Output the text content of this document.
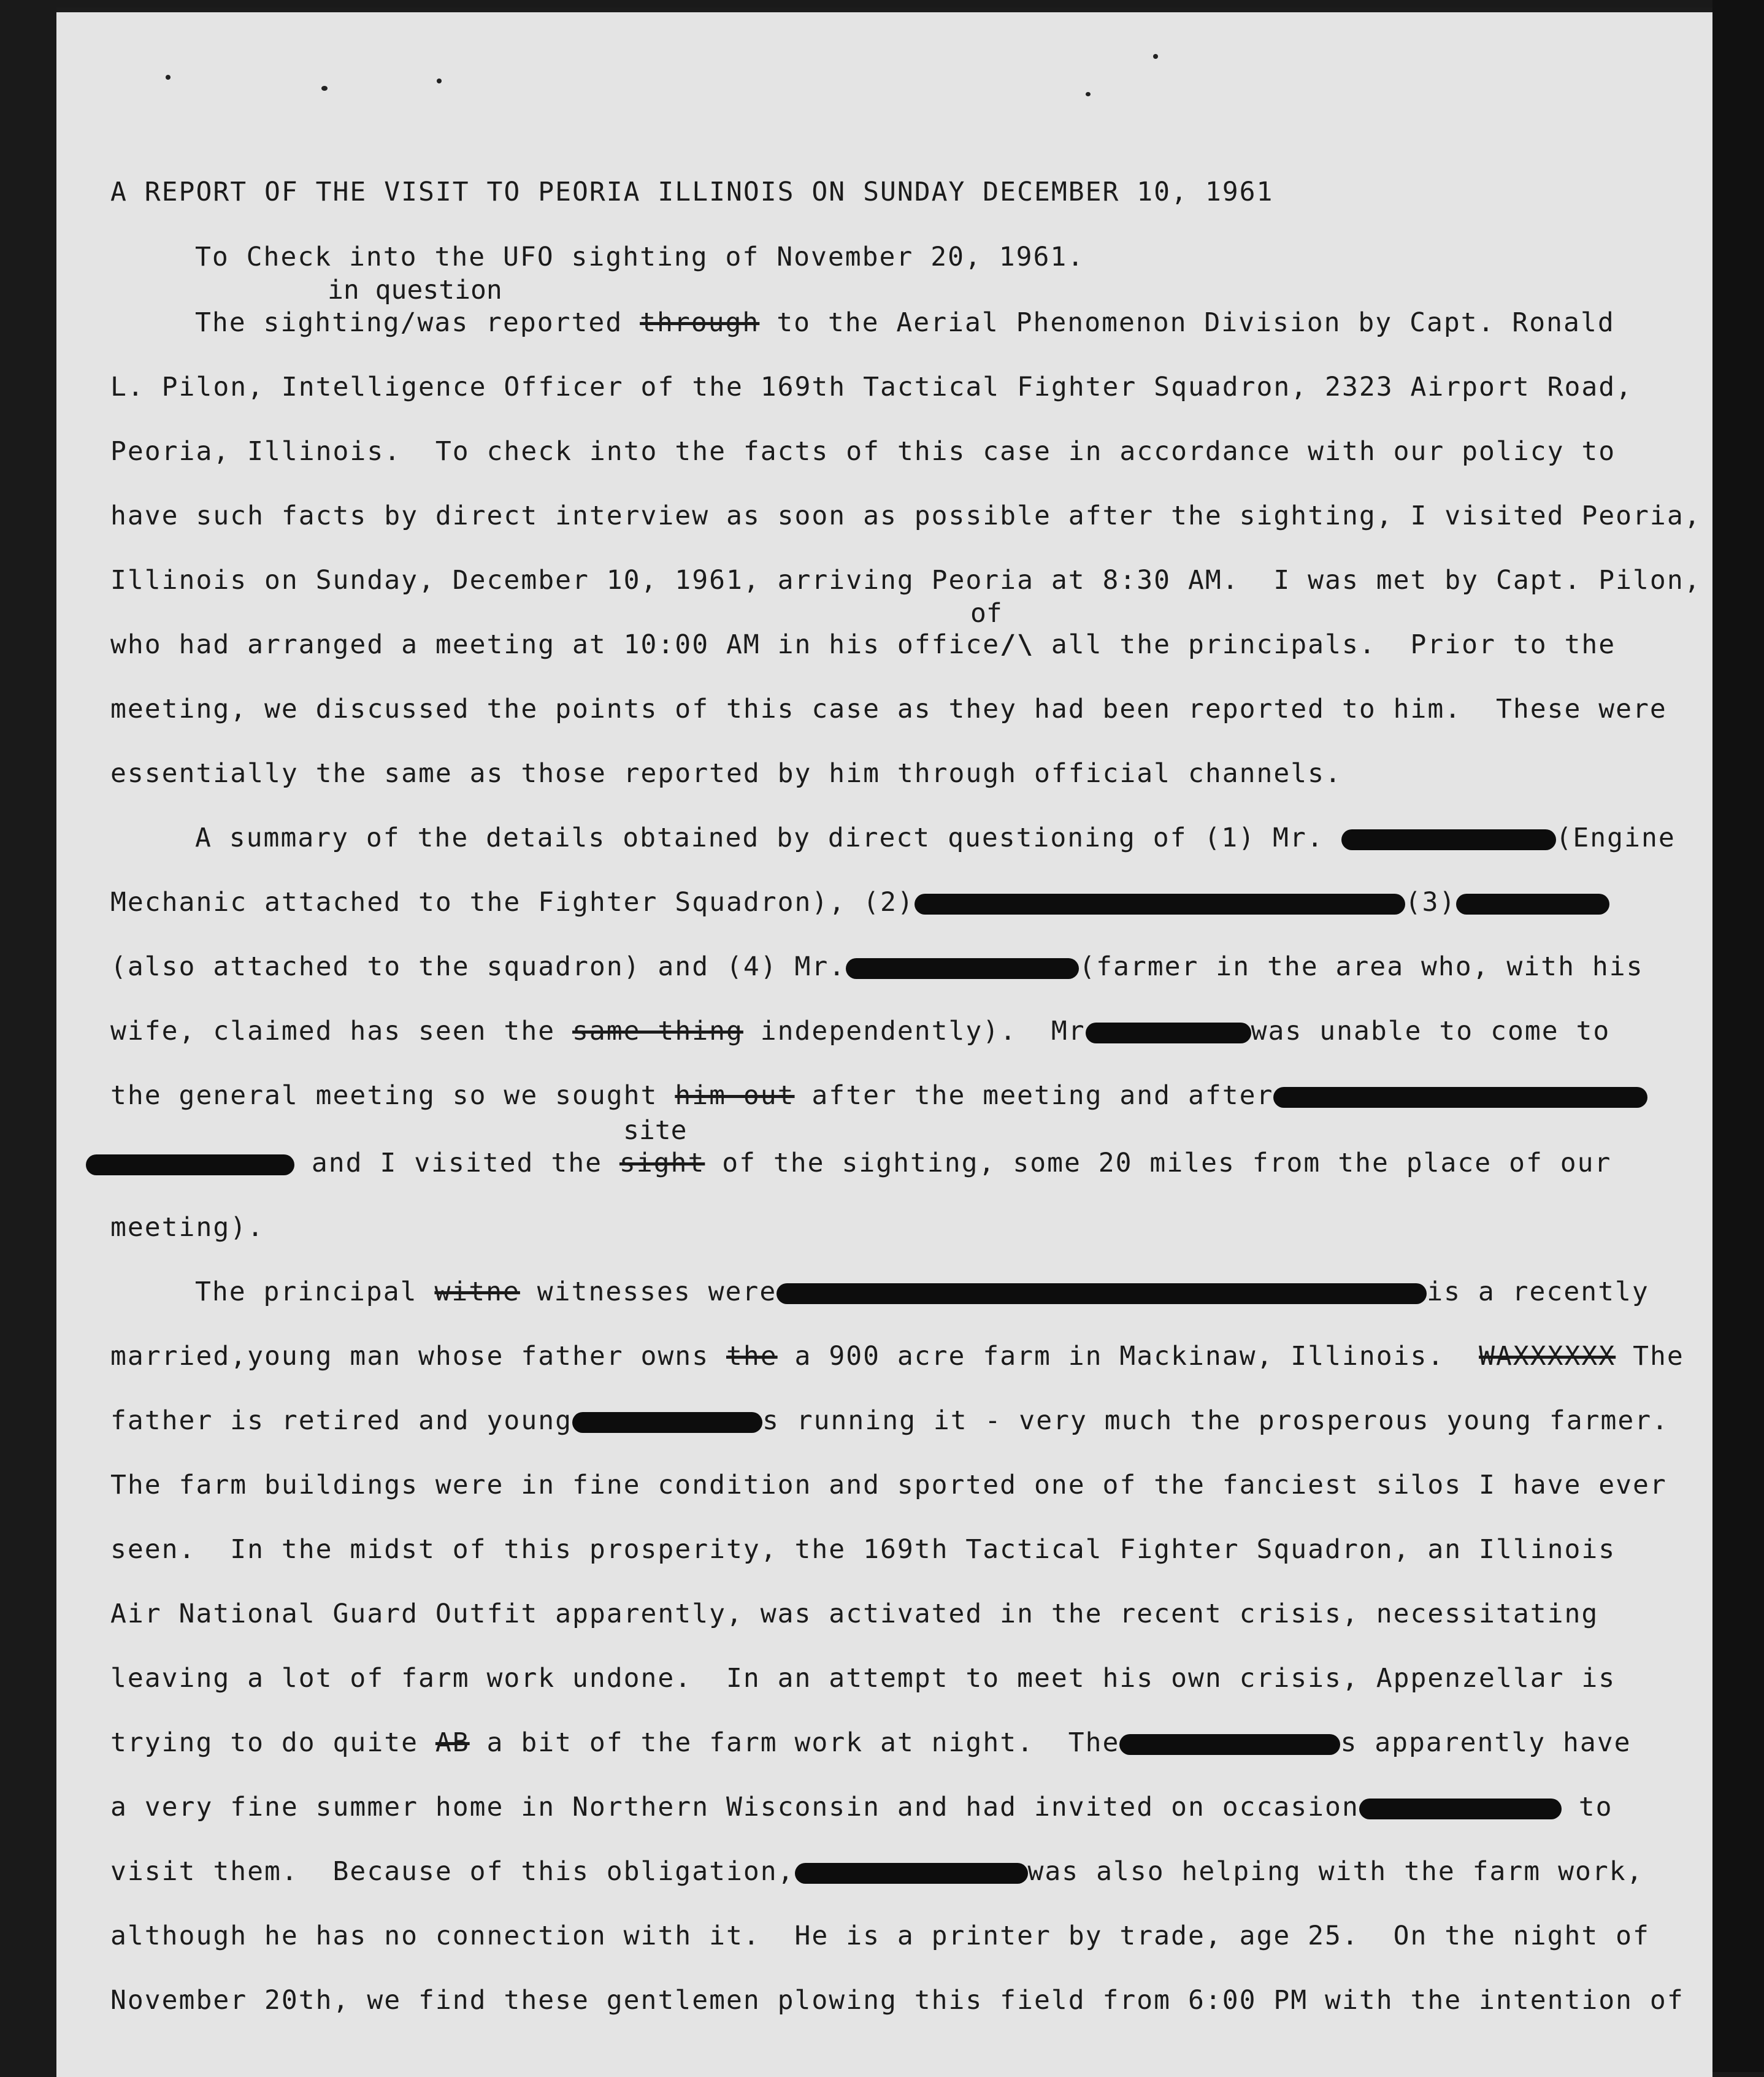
A REPORT OF THE VISIT TO PEORIA ILLINOIS ON SUNDAY DECEMBER 10, 1961
To Check into the UFO sighting of November 20, 1961.
in question
The sighting/was reported through to the Aerial Phenomenon Division by Capt. Ronald
L. Pilon, Intelligence Officer of the 169th Tactical Fighter Squadron, 2323 Airport Road,
Peoria, Illinois.  To check into the facts of this case in accordance with our policy to
have such facts by direct interview as soon as possible after the sighting, I visited Peoria,
Illinois on Sunday, December 10, 1961, arriving Peoria at 8:30 AM.  I was met by Capt. Pilon,
of
who had arranged a meeting at 10:00 AM in his office/\ all the principals.  Prior to the
meeting, we discussed the points of this case as they had been reported to him.  These were
essentially the same as those reported by him through official channels.
A summary of the details obtained by direct questioning of (1) Mr.	(Engine
Mechanic attached to the Fighter Squadron), (2)	(3)
(also attached to the squadron) and (4) Mr.	(farmer in the area who, with his
wife, claimed has seen the same thing independently).  Mr	was unable to come to
the general meeting so we sought him out after the meeting and after
site
and I visited the sight of the sighting, some 20 miles from the place of our
meeting).
The principal witne witnesses were	is a recently
married,young man whose father owns the a 900 acre farm in Mackinaw, Illinois.  WAXXXXXX The
father is retired and young	s running it - very much the prosperous young farmer.
The farm buildings were in fine condition and sported one of the fanciest silos I have ever
seen.  In the midst of this prosperity, the 169th Tactical Fighter Squadron, an Illinois
Air National Guard Outfit apparently, was activated in the recent crisis, necessitating
leaving a lot of farm work undone.  In an attempt to meet his own crisis, Appenzellar is
trying to do quite AB a bit of the farm work at night.  The	s apparently have
a very fine summer home in Northern Wisconsin and had invited on occasion	to
visit them.  Because of this obligation,	was also helping with the farm work,
although he has no connection with it.  He is a printer by trade, age 25.  On the night of
November 20th, we find these gentlemen plowing this field from 6:00 PM with the intention of
